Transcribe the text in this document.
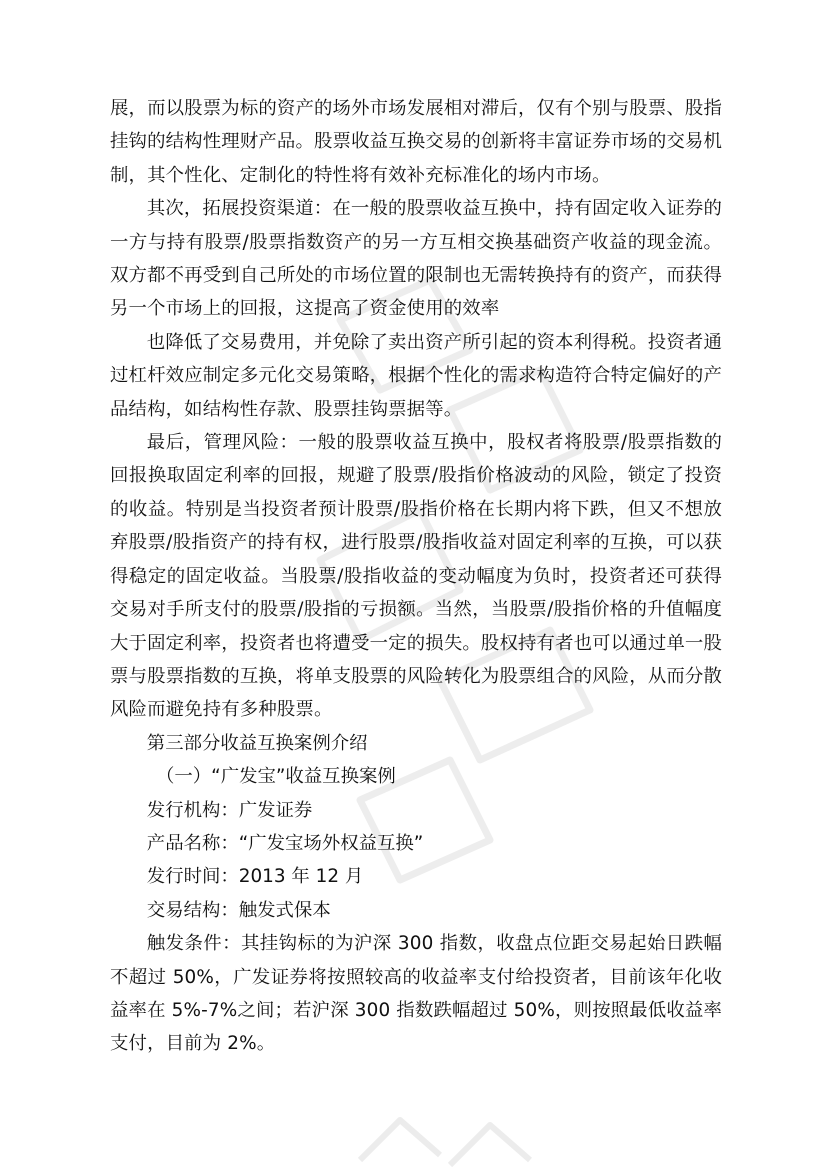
展，而以股票为标的资产的场外市场发展相对滞后，仅有个别与股票、股指挂钩的结构性理财产品。股票收益互换交易的创新将丰富证券市场的交易机制，其个性化、定制化的特性将有效补充标准化的场内市场。

其次，拓展投资渠道：在一般的股票收益互换中，持有固定收入证券的一方与持有股票/股票指数资产的另一方互相交换基础资产收益的现金流。双方都不再受到自己所处的市场位置的限制也无需转换持有的资产，而获得另一个市场上的回报，这提高了资金使用的效率

也降低了交易费用，并免除了卖出资产所引起的资本利得税。投资者通过杠杆效应制定多元化交易策略，根据个性化的需求构造符合特定偏好的产品结构，如结构性存款、股票挂钩票据等。

最后，管理风险：一般的股票收益互换中，股权者将股票/股票指数的回报换取固定利率的回报，规避了股票/股指价格波动的风险，锁定了投资的收益。特别是当投资者预计股票/股指价格在长期内将下跌，但又不想放弃股票/股指资产的持有权，进行股票/股指收益对固定利率的互换，可以获得稳定的固定收益。当股票/股指收益的变动幅度为负时，投资者还可获得交易对手所支付的股票/股指的亏损额。当然，当股票/股指价格的升值幅度大于固定利率，投资者也将遭受一定的损失。股权持有者也可以通过单一股票与股票指数的互换，将单支股票的风险转化为股票组合的风险，从而分散风险而避免持有多种股票。

第三部分收益互换案例介绍

（一）“广发宝”收益互换案例

发行机构：广发证券

产品名称：“广发宝场外权益互换”

发行时间：2013 年 12 月

交易结构：触发式保本

触发条件：其挂钩标的为沪深 300 指数，收盘点位距交易起始日跌幅不超过 50%，广发证券将按照较高的收益率支付给投资者，目前该年化收益率在 5%-7%之间；若沪深 300 指数跌幅超过 50%，则按照最低收益率支付，目前为 2%。
